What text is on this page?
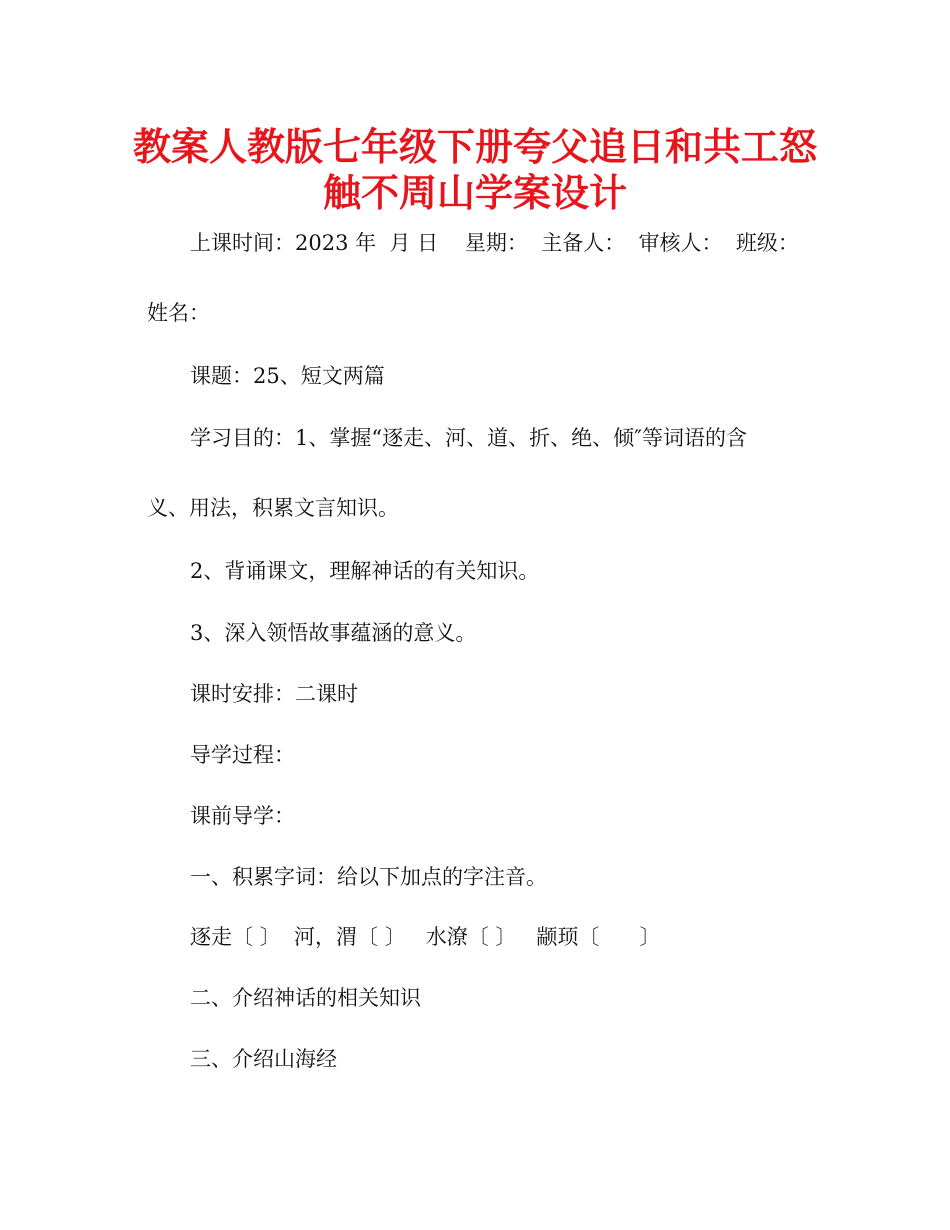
教案人教版七年级下册夸父追日和共工怒
触不周山学案设计
上课时间：2023 年  月 日    星期：  主备人：  审核人：  班级：
姓名：
课题：25、短文两篇
学习目的：1、掌握“逐走、河、道、折、绝、倾″等词语的含
义、用法，积累文言知识。
2、背诵课文，理解神话的有关知识。
3、深入领悟故事蕴涵的意义。
课时安排：二课时
导学过程：
课前导学：
一、积累字词：给以下加点的字注音。
逐走〔 〕  河，渭〔 〕   水潦〔 〕   颛顼〔      〕
二、介绍神话的相关知识
三、介绍山海经
